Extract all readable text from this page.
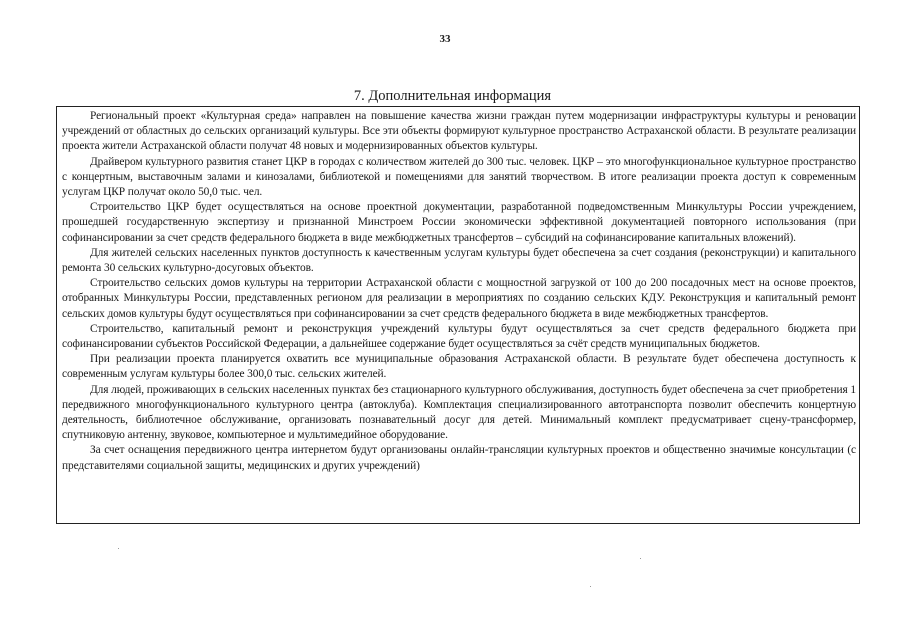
33
7. Дополнительная информация

Региональный проект «Культурная среда» направлен на повышение качества жизни граждан путем модернизации инфраструктуры культуры и реновации учреждений от областных до сельских организаций культуры. Все эти объекты формируют культурное пространство Астраханской области. В результате реализации проекта жители Астраханской области получат 48 новых и модернизированных объектов культуры.

Драйвером культурного развития станет ЦКР в городах с количеством жителей до 300 тыс. человек. ЦКР – это многофункциональное культурное пространство с концертным, выставочным залами и кинозалами, библиотекой и помещениями для занятий творчеством. В итоге реализации проекта доступ к современным услугам ЦКР получат около 50,0 тыс. чел.

Строительство ЦКР будет осуществляться на основе проектной документации, разработанной подведомственным Минкультуры России учреждением, прошедшей государственную экспертизу и признанной Минстроем России экономически эффективной документацией повторного использования (при софинансировании за счет средств федерального бюджета в виде межбюджетных трансфертов – субсидий на софинансирование капитальных вложений).

Для жителей сельских населенных пунктов доступность к качественным услугам культуры будет обеспечена за счет создания (реконструкции) и капитального ремонта 30 сельских культурно-досуговых объектов.

Строительство сельских домов культуры на территории Астраханской области с мощностной загрузкой от 100 до 200 посадочных мест на основе проектов, отобранных Минкультуры России, представленных регионом для реализации в мероприятиях по созданию сельских КДУ. Реконструкция и капитальный ремонт сельских домов культуры будут осуществляться при софинансировании за счет средств федерального бюджета в виде межбюджетных трансфертов.

Строительство, капитальный ремонт и реконструкция учреждений культуры будут осуществляться за счет средств федерального бюджета при софинансировании субъектов Российской Федерации, а дальнейшее содержание будет осуществляться за счёт средств муниципальных бюджетов.

При реализации проекта планируется охватить все муниципальные образования Астраханской области. В результате будет обеспечена доступность к современным услугам культуры более 300,0 тыс. сельских жителей.

Для людей, проживающих в сельских населенных пунктах без стационарного культурного обслуживания, доступность будет обеспечена за счет приобретения 1 передвижного многофункционального культурного центра (автоклуба). Комплектация специализированного автотранспорта позволит обеспечить концертную деятельность, библиотечное обслуживание, организовать познавательный досуг для детей. Минимальный комплект предусматривает сцену-трансформер, спутниковую антенну, звуковое, компьютерное и мультимедийное оборудование.

За счет оснащения передвижного центра интернетом будут организованы онлайн-трансляции культурных проектов и общественно значимые консультации (с представителями социальной защиты, медицинских и других учреждений)
